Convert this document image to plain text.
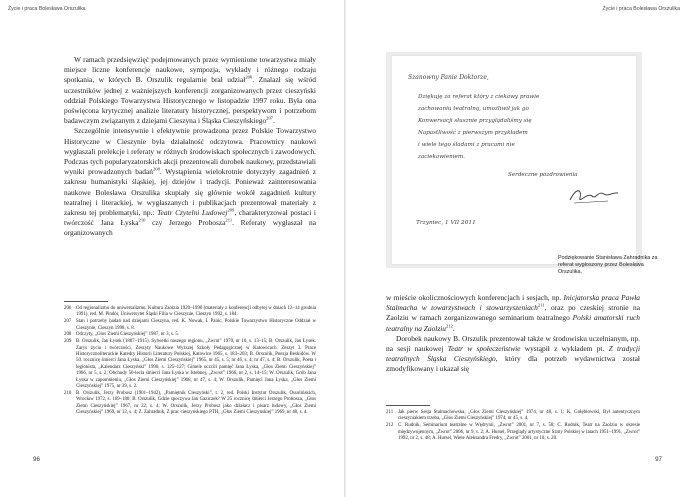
Życie i praca Bolesława Orszulika

W ramach przedsięwzięć podejmowanych przez wymienione towarzystwa miały miejsce liczne konferencje naukowe, sympozja, wykłady i różnego rodzaju spotkania, w których B. Orszulik regularnie brał udział$^{206}$. Znalazł się wśród uczestników jednej z ważniejszych konferencji zorganizowanych przez cieszyński oddział Polskiego Towarzystwa Historycznego w listopadzie 1997 roku. Była ona poświęcona krytycznej analizie literatury historycznej, perspektywom i potrzebom badawczym związanym z dziejami Cieszyna i Śląska Cieszyńskiego$^{207}$.

Szczególnie intensywnie i efektywnie prowadzona przez Polskie Towarzystwo Historyczne w Cieszynie była działalność odczytowa. Pracownicy naukowi wygłaszali prelekcje i referaty w różnych środowiskach społecznych i zawodowych. Podczas tych popularyzatorskich akcji prezentowali dorobek naukowy, przedstawiali wyniki prowadzonych badań$^{208}$. Wystąpienia wielokrotnie dotyczyły zagadnień z zakresu humanistyki śląskiej, jej dziejów i tradycji. Ponieważ zainteresowania naukowe Bolesława Orszulika skupiały się głównie wokół zagadnień kultury teatralnej i literackiej, w wygłaszanych i publikacjach prezentował materiały z zakresu tej problematyki, np.: Teatr Czytelni Ludowej$^{209}$, charakteryzował postaci i twórczość Jana Łyska$^{210}$ czy Jerzego Probosza$^{211}$. Referaty wygłaszał na organizowanych

206 Od regionalizmu do uniwersalizmu. Kultura Zaolzia 1920–1990 (materiały z konferencji odbytej w dniach 12–14 grudnia 1991), red. M. Pindór, Uniwersytet Śląski Filia w Cieszynie, Cieszyn 1992, s. 184.
207 Stan i potrzeby badań nad dziejami Cieszyna, red. K. Nowak, I. Panic, Polskie Towarzystwo Historyczne Oddział w Cieszynie, Cieszyn 1998, s. 8.
208 Odczyty, „Głos Ziemi Cieszyńskiej” 1987, nr 3, s. 5.
209 B. Orszulik, Jan Łysek (1887–1915). Sylwetki naszego regionu, „Zwrot” 1970, nr 10, s. 13–15; B. Orszulik, Jan Łysek. Zarys życia i twórczości, Zeszyty Naukowe Wyższej Szkoły Pedagogicznej w Katowicach. Zeszyt 3. Prace Historycznoliterackie Katedry Historii Literatury Polskiej, Katowice 1965, s. 183–203; B. Orszulik, Poezja Beskidów. W 50. rocznicę śmierci Jana Łyska, „Głos Ziemi Cieszyńskiej” 1965, nr 45, s. 5; nr 46, s. 4; nr 47, s. 4; B. Orszulik, Poeta i legionista, „Kalendarz Cieszyński” 1990, s. 125–127; Gimele uczcili pamięć Jana Łyska, „Głos Ziemi Cieszyńskiej” 1966, nr 5, s. 2; Obchody 50-lecia śmierci Jana Łyska w Istebnej, „Zwrot” 1966, nr 2, s. 14–15; W. Orszulik, Grób Jana Łyska w zapomnieniu, „Głos Ziemi Cieszyńskiej” 1968, nr 47, s. 4; W. Orszulik, Pamięci Jana Łyska, „Głos Ziemi Cieszyńskiej” 1975, nr 39, s. 2.
210 B. Orszulik, Jerzy Probosz (1901–1942), „Pamiętnik Cieszyński”, t. 2, red. Polski Instytut Orszulik, Ossolińskich, Wrocław 1972, s. 169–180; B. Orszulik, Gdzie spoczywa Jan Gaziczek? W 25 rocznicę śmierci Jerzego Probosza, „Głos Ziemi Cieszyńskiej” 1967, nr 22, s. 4; W. Orszulik, Jerzy Probosz jako działacz i pisarz ludowy, „Głos Ziemi Cieszyńskiej” 1969, nr 12, s. 4; Z. Zahradnik, Z prac cieszyńskiego PTH, „Głos Ziemi Cieszyńskiej” 1969, nr 48, s. 4.
96
Życie i praca Bolesława Orszulika
Szanowny Panie Doktorze,
Dziękuję za referat który z ciekawy prawie
zachowaniu teatralną, umożliwił jak go
Konwersacji słusznie przyglądaliśmy się
Napastliwość z pierwszym przykładem
i wiele tego śladami z pracami nie
zaciekawieniem.
Serdeczne pozdrowienia
Trzyniec, 1 VII 2011
Podziękowanie Stanisława Zahradnika za referat wygłoszony przez Bolesława Orszulika.

w mieście okolicznościowych konferencjach i sesjach, np. Inicjatorska praca Pawła Stalmacha w towarzystwach i stowarzyszeniach$^{211}$, oraz po czeskiej stronie na Zaolziu w ramach zorganizowanego seminarium teatralnego Polski amatorski ruch teatralny na Zaolziu$^{212}$.

Dorobek naukowy B. Orszulik prezentował także w środowisku uczelnianym, np. na sesji naukowej Teatr w społeczeństwie wystąpił z wykładem pt. Z tradycji teatralnych Śląska Cieszyńskiego, który dla potrzeb wydawnictwa został zmodyfikowany i ukazał się

211 Jak pierw Sesja Stalmachowska, „Głos Ziemi Cieszyńskiej” 1974, nr 48, s. 1; K. Gołębiowski, Był autentycznym cieszyniakiem trzeba, „Głos Ziemi Cieszyńskiej” 1974, nr 45, s. 4.
212 C. Rudnik, Seminarium teatralne w Wędrynii, „Zwrot” 2001, nr 7, s. 58; C. Rudnik, Teatr na Zaolziu w okresie międzywojennym, „Zwrot” 2006, nr 9, s. 2; A. Hursel, Przeglądy artystyczne Szmy Polskiej w latach 1951–1991, „Zwrot” 1992, nr 2, s. 48; A. Hursel, Wiele Aleksandra Fredry, „Zwrot” 2001, nr 10, s. 20.
97
